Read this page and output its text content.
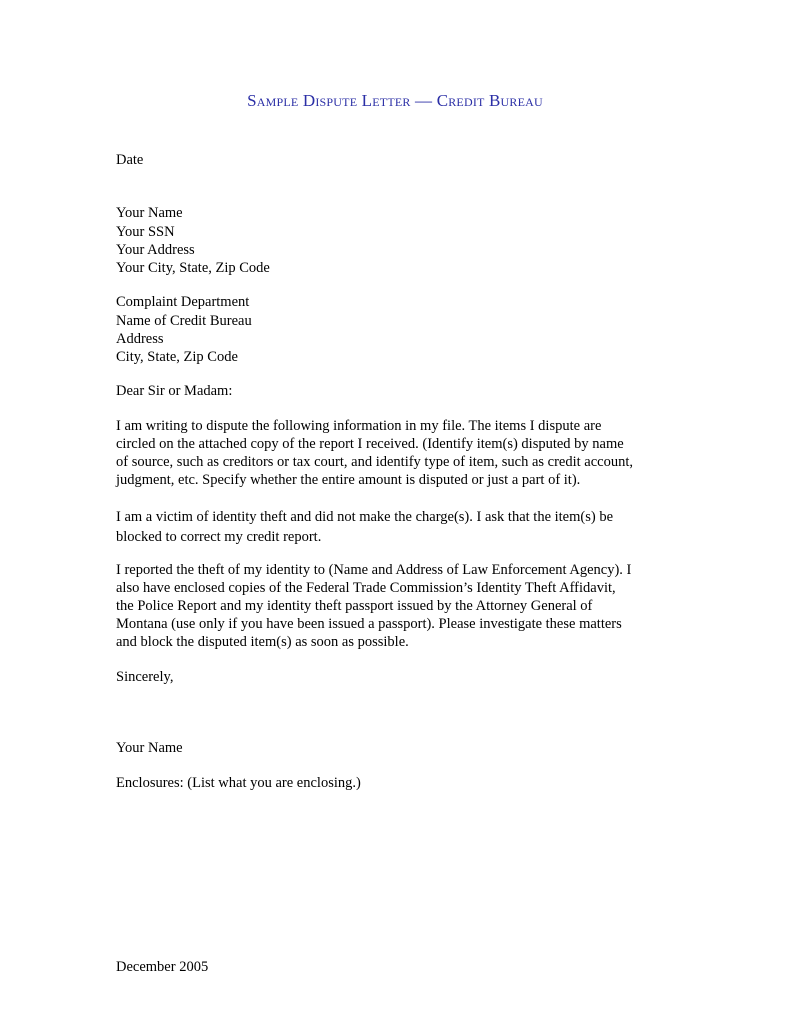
Sample Dispute Letter — Credit Bureau
Date
Your Name
Your SSN
Your Address
Your City, State, Zip Code
Complaint Department
Name of Credit Bureau
Address
City, State, Zip Code
Dear Sir or Madam:
I am writing to dispute the following information in my file. The items I dispute are
circled on the attached copy of the report I received. (Identify item(s) disputed by name
of source, such as creditors or tax court, and identify type of item, such as credit account,
judgment, etc. Specify whether the entire amount is disputed or just a part of it).
I am a victim of identity theft and did not make the charge(s). I ask that the item(s) be
blocked to correct my credit report.
I reported the theft of my identity to (Name and Address of Law Enforcement Agency). I
also have enclosed copies of the Federal Trade Commission’s Identity Theft Affidavit,
the Police Report and my identity theft passport issued by the Attorney General of
Montana (use only if you have been issued a passport). Please investigate these matters
and block the disputed item(s) as soon as possible.
Sincerely,
Your Name
Enclosures: (List what you are enclosing.)
December 2005
